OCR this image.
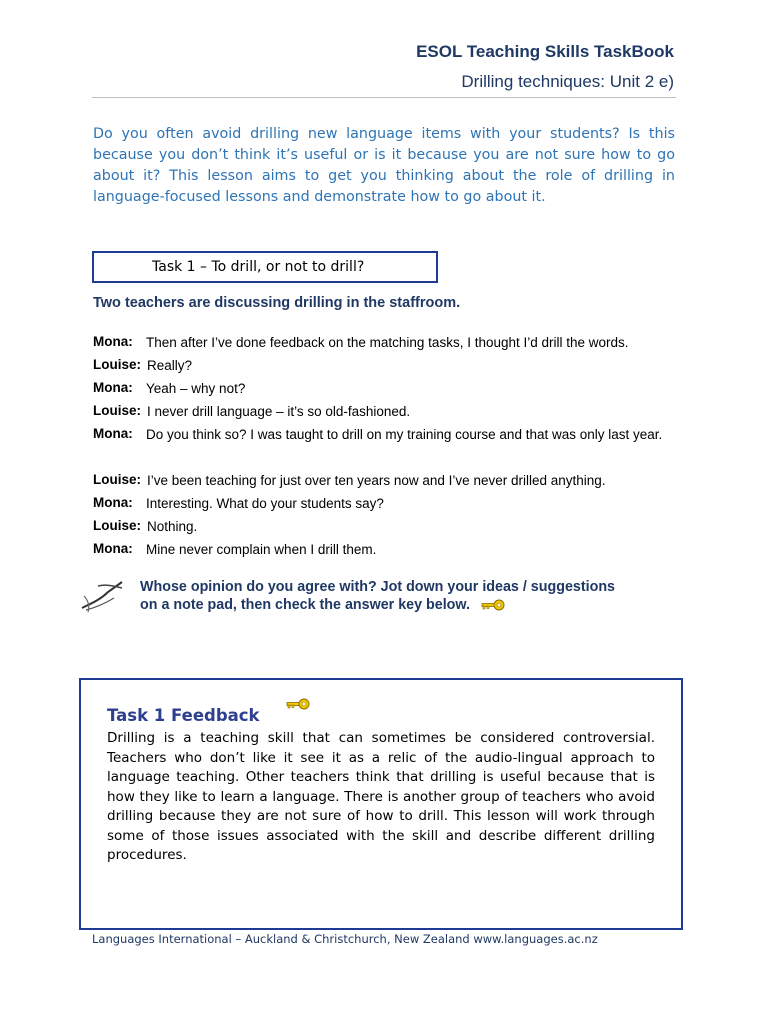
ESOL Teaching Skills TaskBook
Drilling techniques: Unit 2 e)
Do you often avoid drilling new language items with your students? Is this because you don’t think it’s useful or is it because you are not sure how to go about it? This lesson aims to get you thinking about the role of drilling in language-focused lessons and demonstrate how to go about it.
Task 1 – To drill, or not to drill?
Two teachers are discussing drilling in the staffroom.
Mona: Then after I’ve done feedback on the matching tasks, I thought I’d drill the words.
Louise: Really?
Mona: Yeah – why not?
Louise: I never drill language – it’s so old-fashioned.
Mona: Do you think so? I was taught to drill on my training course and that was only last year.
Louise: I’ve been teaching for just over ten years now and I’ve never drilled anything.
Mona: Interesting. What do your students say?
Louise: Nothing.
Mona: Mine never complain when I drill them.
Whose opinion do you agree with? Jot down your ideas / suggestions
on a note pad, then check the answer key below.
Task 1 Feedback
Drilling is a teaching skill that can sometimes be considered controversial. Teachers who don’t like it see it as a relic of the audio-lingual approach to language teaching. Other teachers think that drilling is useful because that is how they like to learn a language. There is another group of teachers who avoid drilling because they are not sure of how to drill. This lesson will work through some of those issues associated with the skill and describe different drilling procedures.
Languages International – Auckland & Christchurch, New Zealand www.languages.ac.nz
